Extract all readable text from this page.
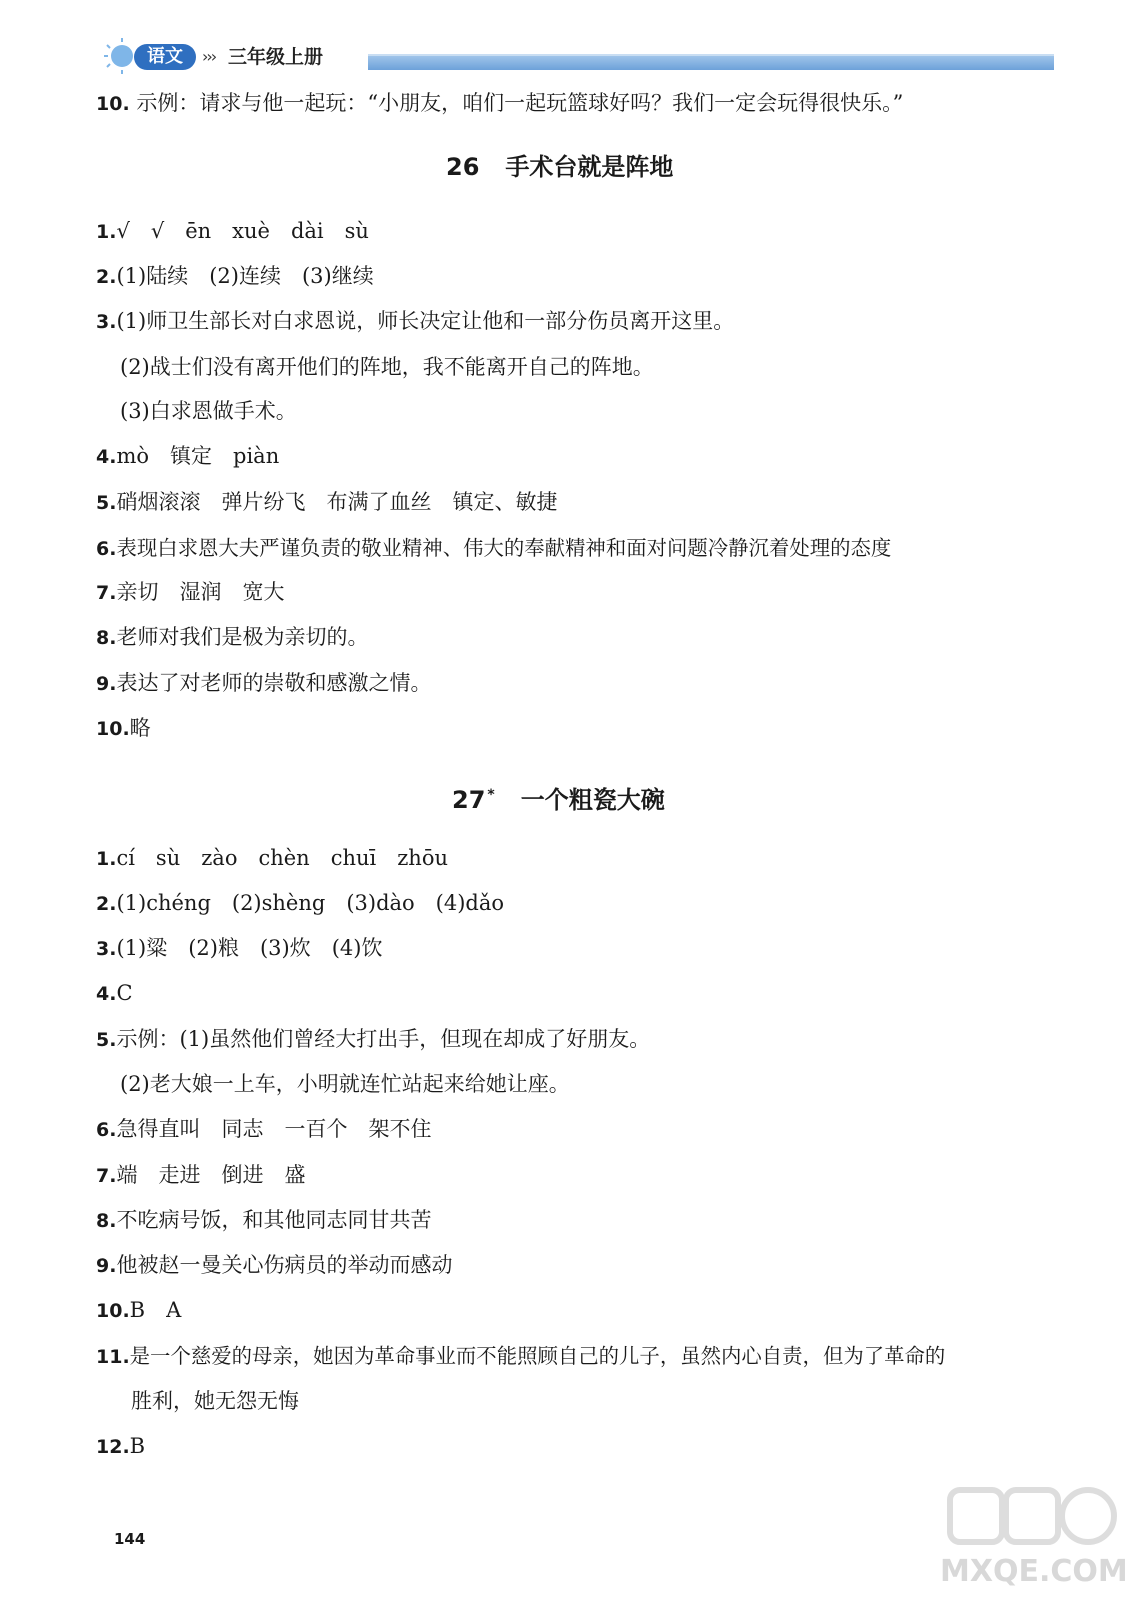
语文	››› 三年级上册
10. 示例：请求与他一起玩：“小朋友，咱们一起玩篮球好吗？我们一定会玩得很快乐。”
26 手术台就是阵地
1.√　√　ēn　xuè　dài　sù
2.(1)陆续　(2)连续　(3)继续
3.(1)师卫生部长对白求恩说，师长决定让他和一部分伤员离开这里。
(2)战士们没有离开他们的阵地，我不能离开自己的阵地。
(3)白求恩做手术。
4.mò　镇定　piàn
5.硝烟滚滚　弹片纷飞　布满了血丝　镇定、敏捷
6.表现白求恩大夫严谨负责的敬业精神、伟大的奉献精神和面对问题冷静沉着处理的态度
7.亲切　湿润　宽大
8.老师对我们是极为亲切的。
9.表达了对老师的崇敬和感激之情。
10.略
27 * 一个粗瓷大碗
1.cí　sù　zào　chèn　chuī　zhōu
2.(1)chéng　(2)shèng　(3)dào　(4)dǎo
3.(1)粱　(2)粮　(3)炊　(4)饮
4.C
5.示例：(1)虽然他们曾经大打出手，但现在却成了好朋友。
(2)老大娘一上车，小明就连忙站起来给她让座。
6.急得直叫　同志　一百个　架不住
7.端　走进　倒进　盛
8.不吃病号饭，和其他同志同甘共苦
9.他被赵一曼关心伤病员的举动而感动
10.B　A
11.是一个慈爱的母亲，她因为革命事业而不能照顾自己的儿子，虽然内心自责，但为了革命的
胜利，她无怨无悔
12.B
144
MXQE.COM
